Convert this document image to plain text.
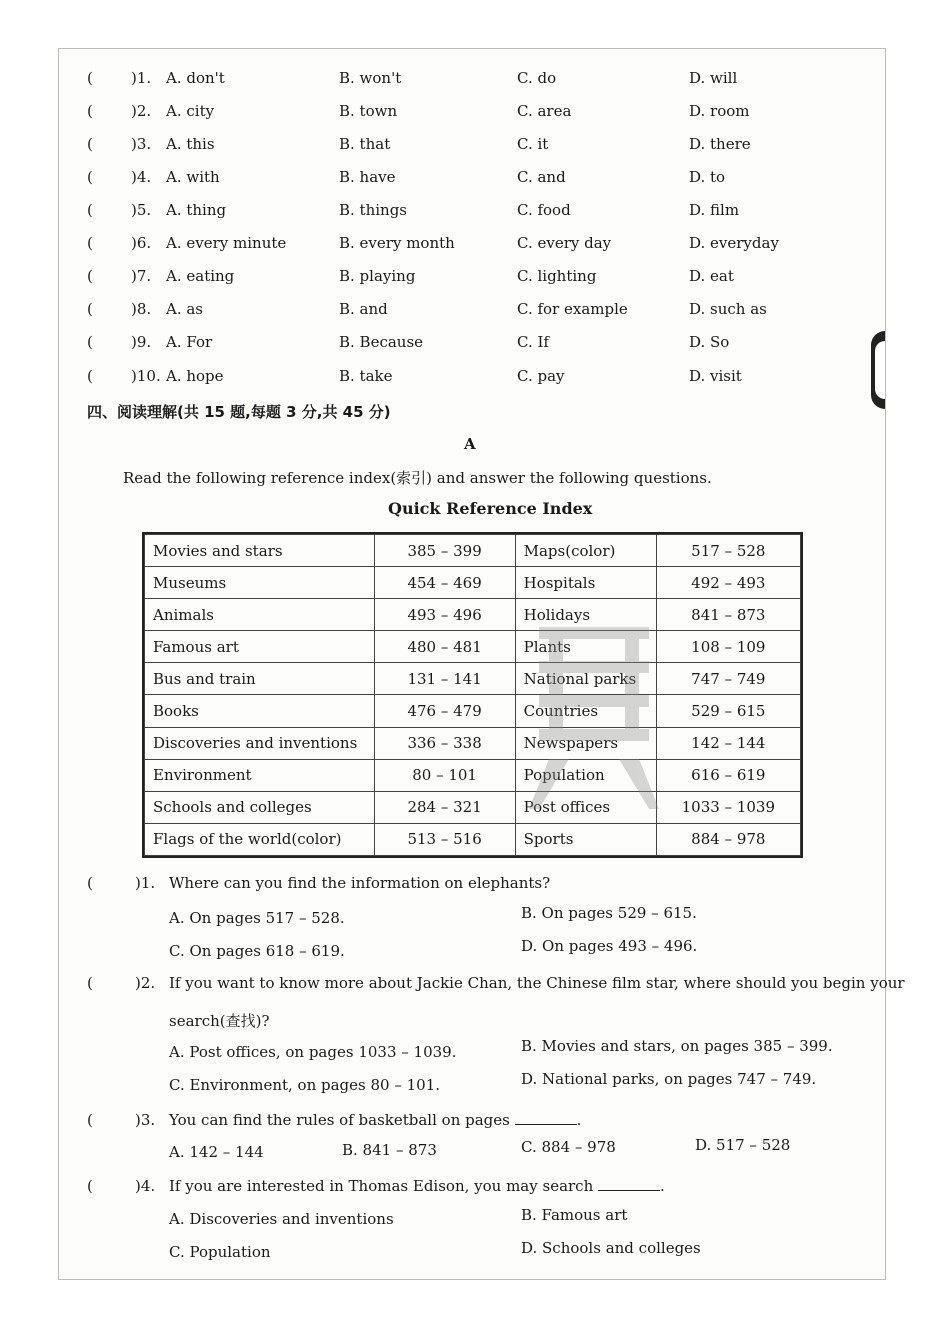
(	)1. A. don't	B. won't	C. do	D. will
(	)2. A. city	B. town	C. area	D. room
(	)3. A. this	B. that	C. it	D. there
(	)4. A. with	B. have	C. and	D. to
(	)5. A. thing	B. things	C. food	D. film
(	)6. A. every minute	B. every month	C. every day	D. everyday
(	)7. A. eating	B. playing	C. lighting	D. eat
(	)8. A. as	B. and	C. for example	D. such as
(	)9. A. For	B. Because	C. If	D. So
(	)10. A. hope	B. take	C. pay	D. visit
四、阅读理解(共 15 题,每题 3 分,共 45 分)
A
Read the following reference index(索引) and answer the following questions.
Quick Reference Index
Movies and stars	385 – 399	Maps(color)	517 – 528
Museums	454 – 469	Hospitals	492 – 493
Animals	493 – 496	Holidays	841 – 873
Famous art	480 – 481	Plants	108 – 109
Bus and train	131 – 141	National parks	747 – 749
Books	476 – 479	Countries	529 – 615
Discoveries and inventions	336 – 338	Newspapers	142 – 144
Environment	80 – 101	Population	616 – 619
Schools and colleges	284 – 321	Post offices	1033 – 1039
Flags of the world(color)	513 – 516	Sports	884 – 978
(	)1. Where can you find the information on elephants?
A. On pages 517 – 528.	B. On pages 529 – 615.
C. On pages 618 – 619.	D. On pages 493 – 496.
(	)2. If you want to know more about Jackie Chan, the Chinese film star, where should you begin your
search(查找)?
A. Post offices, on pages 1033 – 1039.	B. Movies and stars, on pages 385 – 399.
C. Environment, on pages 80 – 101.	D. National parks, on pages 747 – 749.
(	)3. You can find the rules of basketball on pages	.
A. 142 – 144	B. 841 – 873	C. 884 – 978	D. 517 – 528
(	)4. If you are interested in Thomas Edison, you may search	.
A. Discoveries and inventions	B. Famous art
C. Population	D. Schools and colleges
